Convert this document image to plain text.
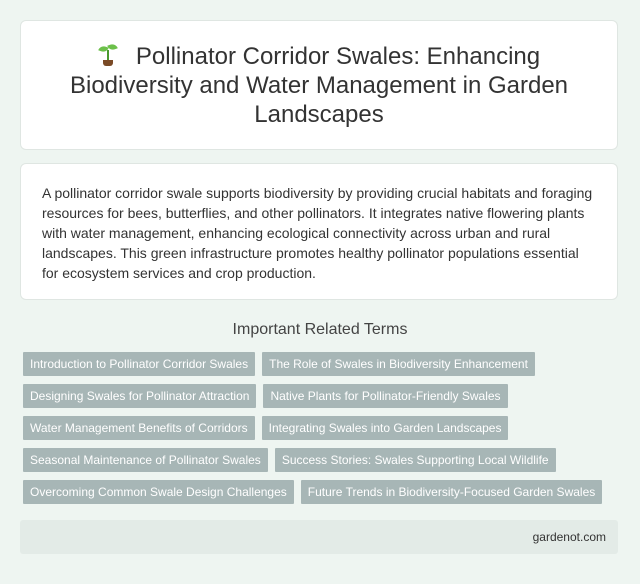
Pollinator Corridor Swales: Enhancing Biodiversity and Water Management in Garden Landscapes

A pollinator corridor swale supports biodiversity by providing crucial habitats and foraging resources for bees, butterflies, and other pollinators. It integrates native flowering plants with water management, enhancing ecological connectivity across urban and rural landscapes. This green infrastructure promotes healthy pollinator populations essential for ecosystem services and crop production.

Important Related Terms
Introduction to Pollinator Corridor Swales	The Role of Swales in Biodiversity Enhancement
Designing Swales for Pollinator Attraction	Native Plants for Pollinator-Friendly Swales
Water Management Benefits of Corridors	Integrating Swales into Garden Landscapes
Seasonal Maintenance of Pollinator Swales	Success Stories: Swales Supporting Local Wildlife
Overcoming Common Swale Design Challenges	Future Trends in Biodiversity-Focused Garden Swales
gardenot.com
